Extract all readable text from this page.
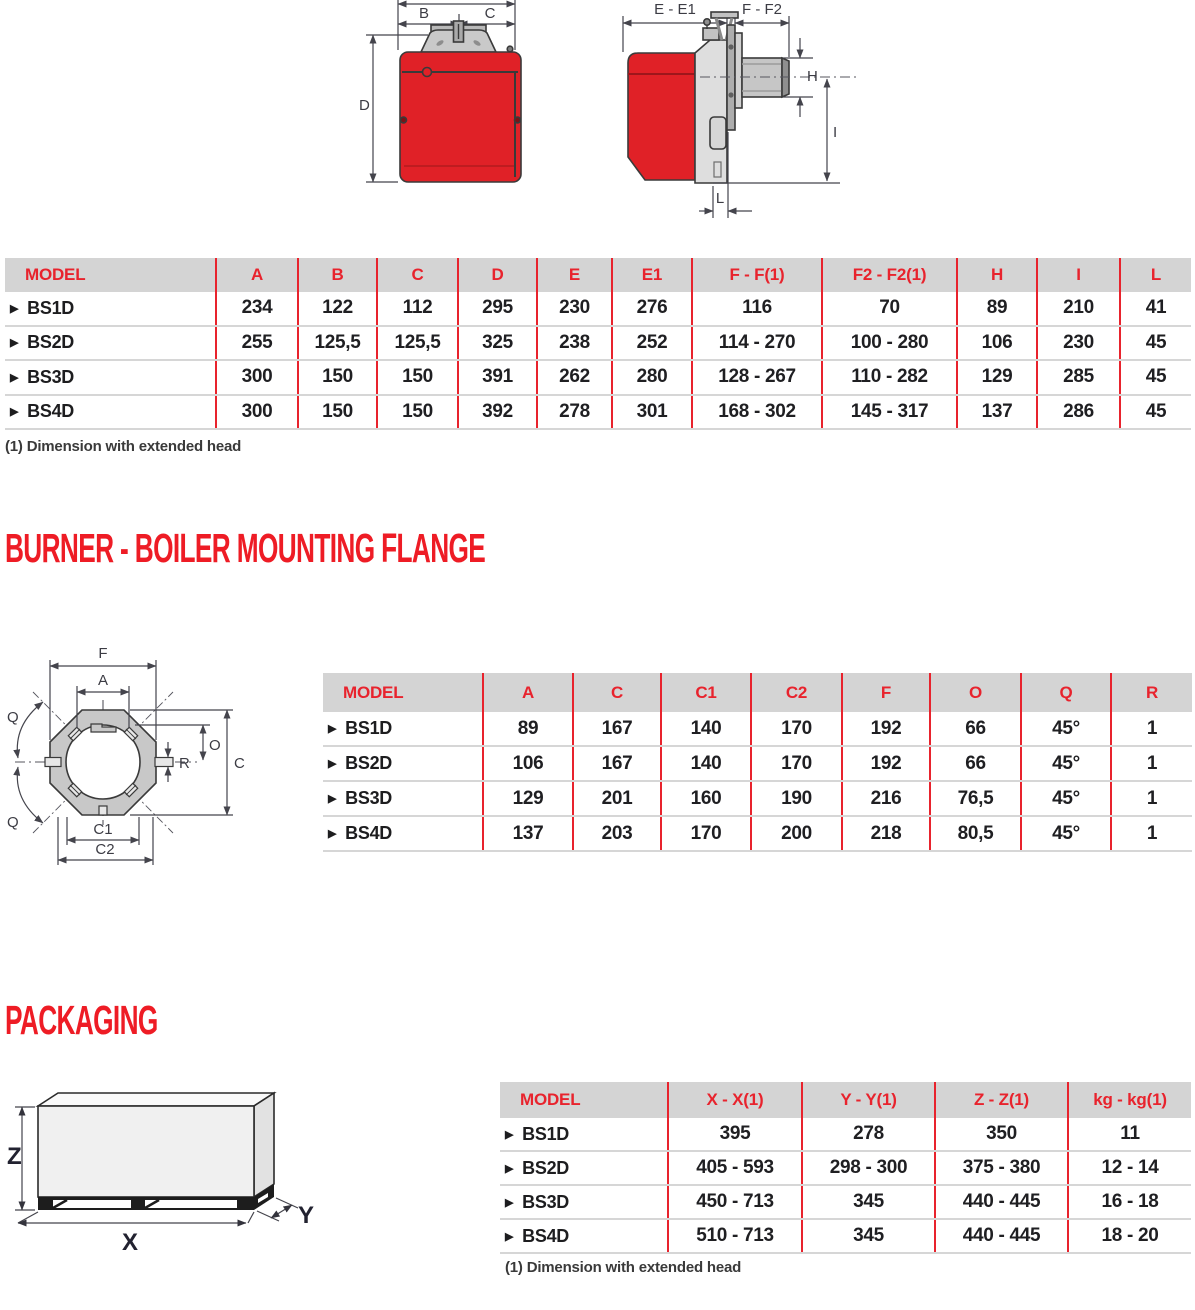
B	C
D
E - E1	F - F2
H
I
L
MODEL	A	B	C	D	E	E1	F - F(1)	F2 - F2(1)	H	I	L
▶ BS1D	234	122	112	295	230	276	116	70	89	210	41
▶ BS2D	255	125,5	125,5	325	238	252	114 - 270	100 - 280	106	230	45
▶ BS3D	300	150	150	391	262	280	128 - 267	110 - 282	129	285	45
▶ BS4D	300	150	150	392	278	301	168 - 302	145 - 317	137	286	45
(1) Dimension with extended head
BURNER - BOILER MOUNTING FLANGE
F
A
Q
Q
O
R	C
C1
C2
MODEL	A	C	C1	C2	F	O	Q	R
▶ BS1D	89	167	140	170	192	66	45°	1
▶ BS2D	106	167	140	170	192	66	45°	1
▶ BS3D	129	201	160	190	216	76,5	45°	1
▶ BS4D	137	203	170	200	218	80,5	45°	1
PACKAGING
Z
X
Y
MODEL	X - X(1)	Y - Y(1)	Z - Z(1)	kg - kg(1)
▶ BS1D	395	278	350	11
▶ BS2D	405 - 593	298 - 300	375 - 380	12 - 14
▶ BS3D	450 - 713	345	440 - 445	16 - 18
▶ BS4D	510 - 713	345	440 - 445	18 - 20
(1) Dimension with extended head
